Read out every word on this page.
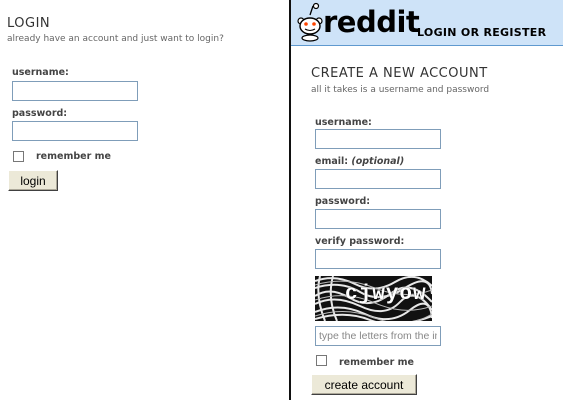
LOGIN
already have an account and just want to login?
username:
password:
remember me
login
reddit
LOGIN OR REGISTER
CREATE A NEW ACCOUNT
all it takes is a username and password
username:
email: (optional)
password:
verify password:
cjwyow
type the letters from the image above
remember me
create account
